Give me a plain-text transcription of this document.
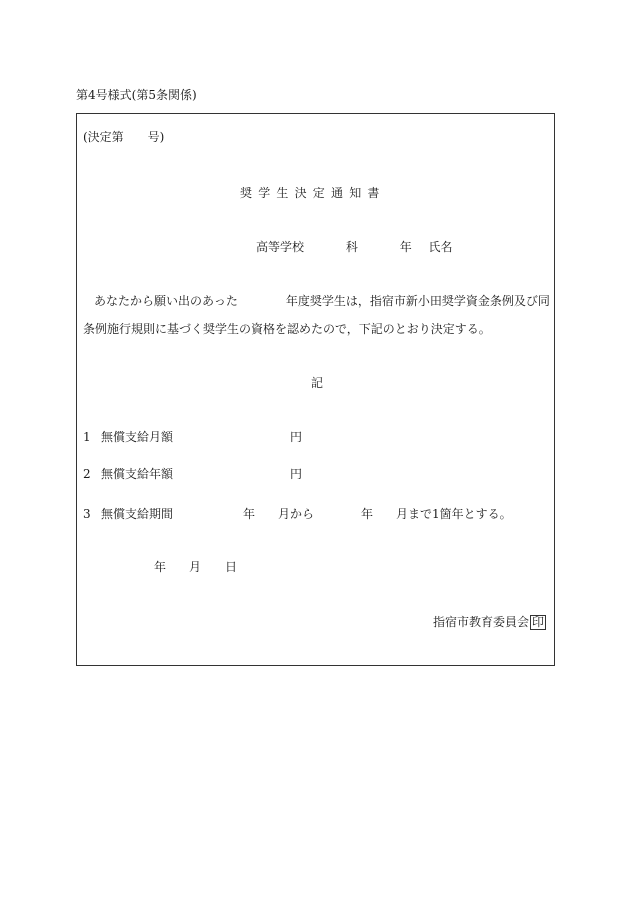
第4号様式(第5条関係)
(決定第　　号)
奨学生決定通知書
高等学校	科	年 氏名
あなたから願い出のあった　　　　年度奨学生は，指宿市新小田奨学資金条例及び同
条例施行規則に基づく奨学生の資格を認めたので，下記のとおり決定する。
記
1 無償支給月額	円
2 無償支給年額	円
3 無償支給期間	年 月から	年 月まで1箇年とする。
年 月 日
指宿市教育委員会 印
